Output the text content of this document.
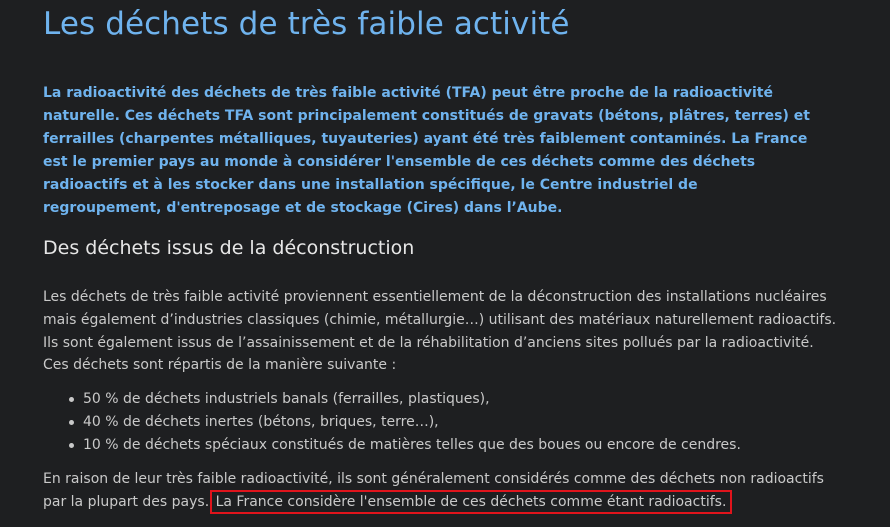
Les déchets de très faible activité

La radioactivité des déchets de très faible activité (TFA) peut être proche de la radioactivité naturelle. Ces déchets TFA sont principalement constitués de gravats (bétons, plâtres, terres) et ferrailles (charpentes métalliques, tuyauteries) ayant été très faiblement contaminés. La France est le premier pays au monde à considérer l'ensemble de ces déchets comme des déchets radioactifs et à les stocker dans une installation spécifique, le Centre industriel de regroupement, d'entreposage et de stockage (Cires) dans l’Aube.

Des déchets issus de la déconstruction

Les déchets de très faible activité proviennent essentiellement de la déconstruction des installations nucléaires mais également d’industries classiques (chimie, métallurgie…) utilisant des matériaux naturellement radioactifs. Ils sont également issus de l’assainissement et de la réhabilitation d’anciens sites pollués par la radioactivité. Ces déchets sont répartis de la manière suivante :

50 % de déchets industriels banals (ferrailles, plastiques),
40 % de déchets inertes (bétons, briques, terre…),
10 % de déchets spéciaux constitués de matières telles que des boues ou encore de cendres.

En raison de leur très faible radioactivité, ils sont généralement considérés comme des déchets non radioactifs par la plupart des pays. La France considère l'ensemble de ces déchets comme étant radioactifs.
